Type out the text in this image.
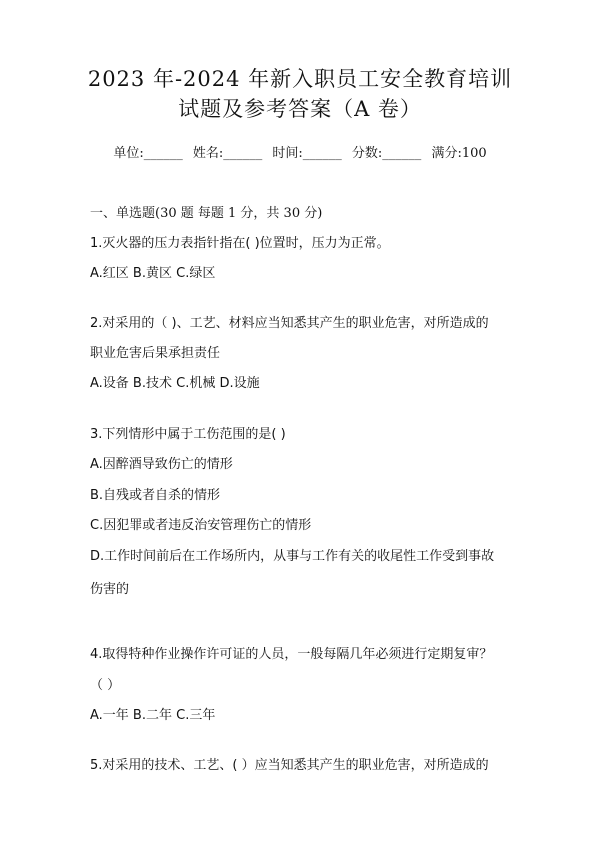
2023 年-2024 年新入职员工安全教育培训
试题及参考答案（A 卷）
单位:______ 姓名:______ 时间:______ 分数:______ 满分:100
一、单选题(30 题 每题 1 分，共 30 分)
1.灭火器的压力表指针指在( )位置时，压力为正常。
A.红区 B.黄区 C.绿区
2.对采用的（ )、工艺、材料应当知悉其产生的职业危害，对所造成的
职业危害后果承担责任
A.设备 B.技术 C.机械 D.设施
3.下列情形中属于工伤范围的是( )
A.因醉酒导致伤亡的情形
B.自残或者自杀的情形
C.因犯罪或者违反治安管理伤亡的情形
D.工作时间前后在工作场所内，从事与工作有关的收尾性工作受到事故
伤害的
4.取得特种作业操作许可证的人员，一般每隔几年必须进行定期复审？
（ ）
A.一年 B.二年 C.三年
5.对采用的技术、工艺、( ）应当知悉其产生的职业危害，对所造成的
